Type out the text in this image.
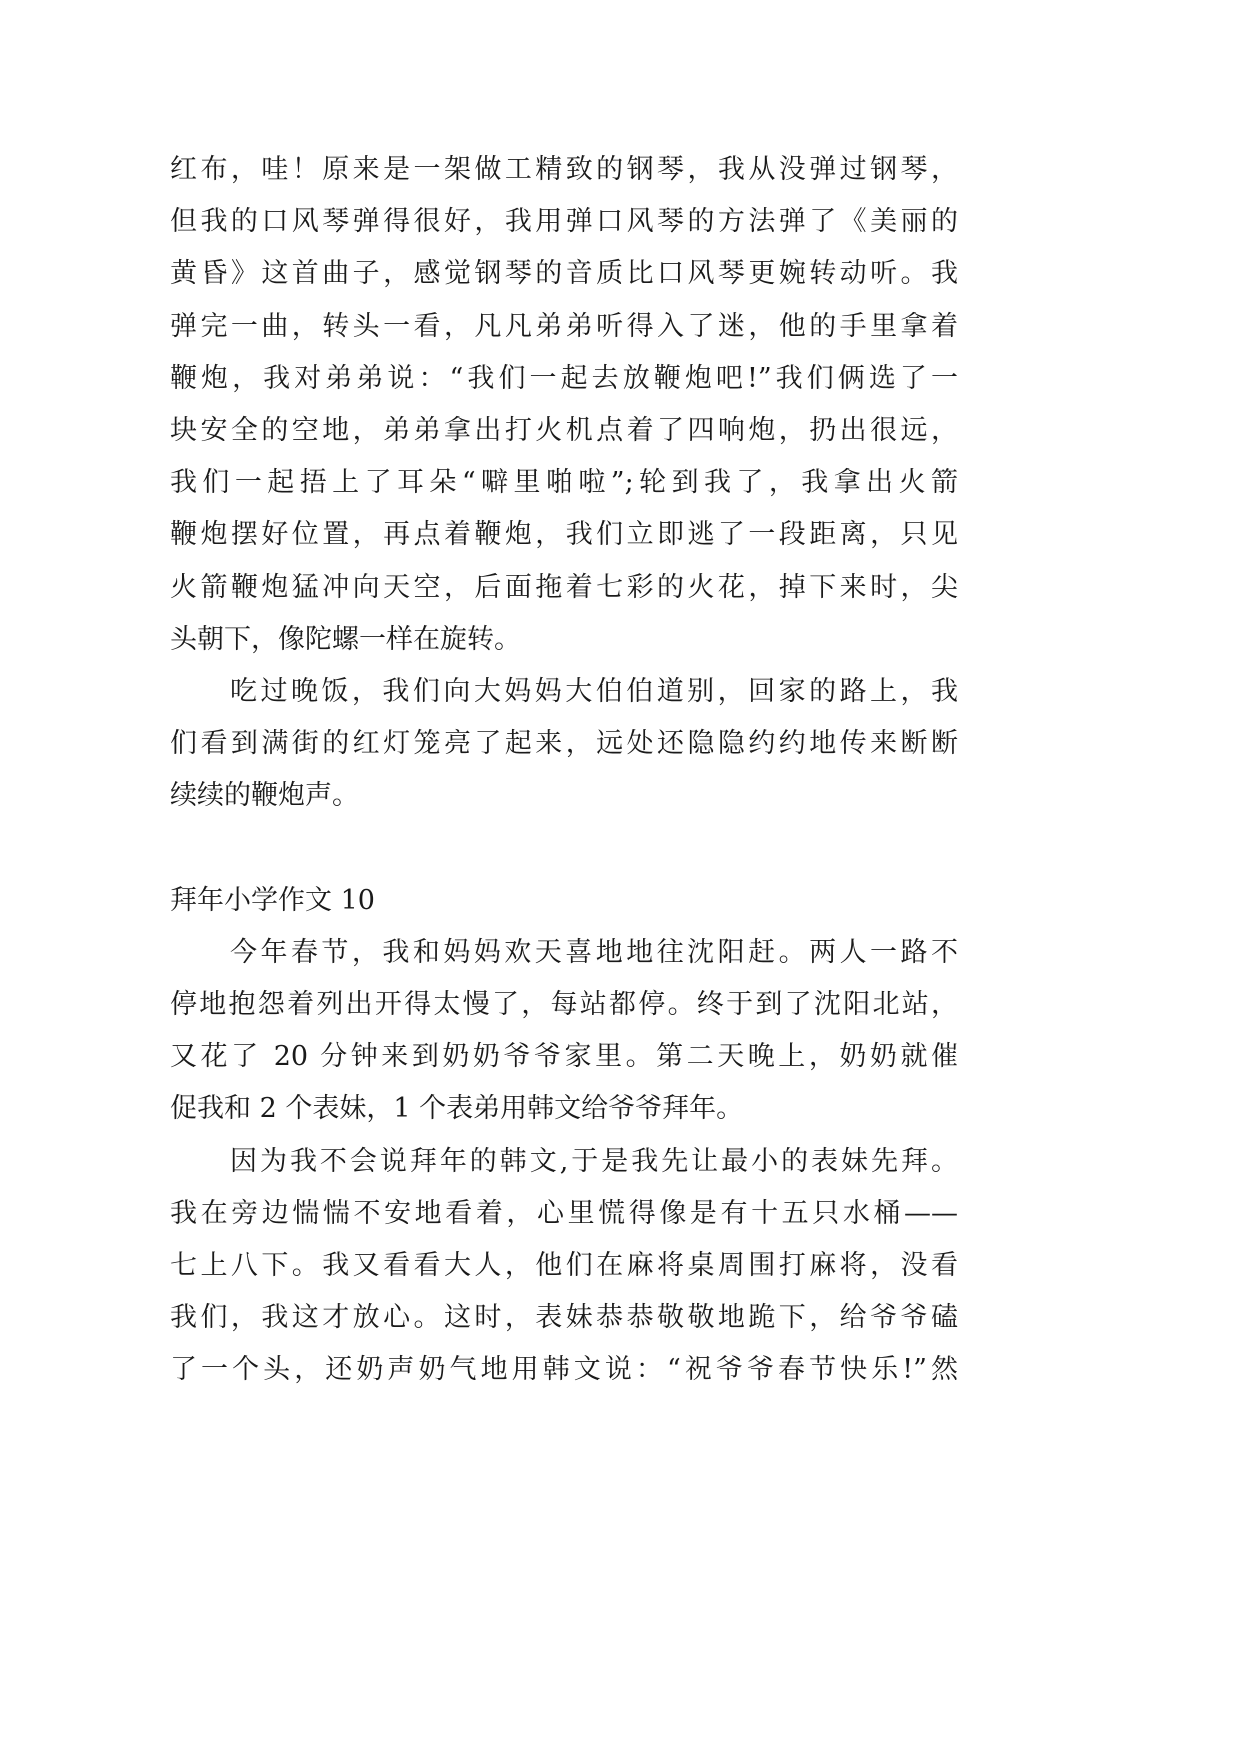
红布，哇！原来是一架做工精致的钢琴，我从没弹过钢琴，
但我的口风琴弹得很好，我用弹口风琴的方法弹了《美丽的
黄昏》这首曲子，感觉钢琴的音质比口风琴更婉转动听。我
弹完一曲，转头一看，凡凡弟弟听得入了迷，他的手里拿着
鞭炮，我对弟弟说：“我们一起去放鞭炮吧!”我们俩选了一
块安全的空地，弟弟拿出打火机点着了四响炮，扔出很远，
我们一起捂上了耳朵“噼里啪啦”;轮到我了，我拿出火箭
鞭炮摆好位置，再点着鞭炮，我们立即逃了一段距离，只见
火箭鞭炮猛冲向天空，后面拖着七彩的火花，掉下来时，尖
头朝下，像陀螺一样在旋转。
吃过晚饭，我们向大妈妈大伯伯道别，回家的路上，我
们看到满街的红灯笼亮了起来，远处还隐隐约约地传来断断
续续的鞭炮声。
拜年小学作文 10
今年春节，我和妈妈欢天喜地地往沈阳赶。两人一路不
停地抱怨着列出开得太慢了，每站都停。终于到了沈阳北站，
又花了 20 分钟来到奶奶爷爷家里。第二天晚上，奶奶就催
促我和 2 个表妹，1 个表弟用韩文给爷爷拜年。
因为我不会说拜年的韩文,于是我先让最小的表妹先拜。
我在旁边惴惴不安地看着，心里慌得像是有十五只水桶——
七上八下。我又看看大人，他们在麻将桌周围打麻将，没看
我们，我这才放心。这时，表妹恭恭敬敬地跪下，给爷爷磕
了一个头，还奶声奶气地用韩文说：“祝爷爷春节快乐!”然
